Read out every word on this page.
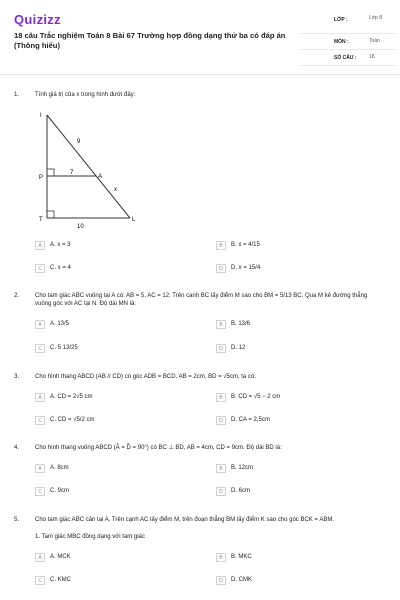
Quizizz
18 câu Trắc nghiệm Toán 8 Bài 67 Trường hợp đồng dạng thứ ba có đáp án (Thông hiểu)
LỚP :	Lớp 8
MÔN :	Toán
SỐ CÂU :	18
1.	Tính giá trị của x trong hình dưới đây:
I
P	A
T	L
9
7
x
10
A	A. x = 3	B	B. x = 4/15
C	C. x = 4	D	D. x = 15/4
2.	Cho tam giác ABC vuông tại A có: AB = 5, AC = 12. Trên cạnh BC lấy điểm M sao cho BM = 5/13 BC. Qua M kẻ đường thẳng vuông góc với AC tại N. Độ dài MN là:
A	A. 13/5	B	B. 13/6
C	C. 5 13/25	D	D. 12
3.	Cho hình thang ABCD (AB // CD) có góc ADB = BCD, AB = 2cm, BD = √5cm, ta có:
A	A. CD = 2√5 cm	B	B. CD = √5 − 2 cm
C	C. CD = √5/2 cm	D	D. CA = 2,5cm
4.	Cho hình thang vuông ABCD (Â = D̂ = 90°) có BC ⊥ BD, AB = 4cm, CD = 9cm. Độ dài BD là:
A	A. 8cm	B	B. 12cm
C	C. 9cm	D	D. 6cm
5.	Cho tam giác ABC cân tại A. Trên cạnh AC lấy điểm M, trên đoạn thẳng BM lấy điểm K sao cho góc BCK = ABM.
1. Tam giác MBC đồng dạng với tam giác
A	A. MCK	B	B. MKC
C	C. KMC	D	D. CMK
